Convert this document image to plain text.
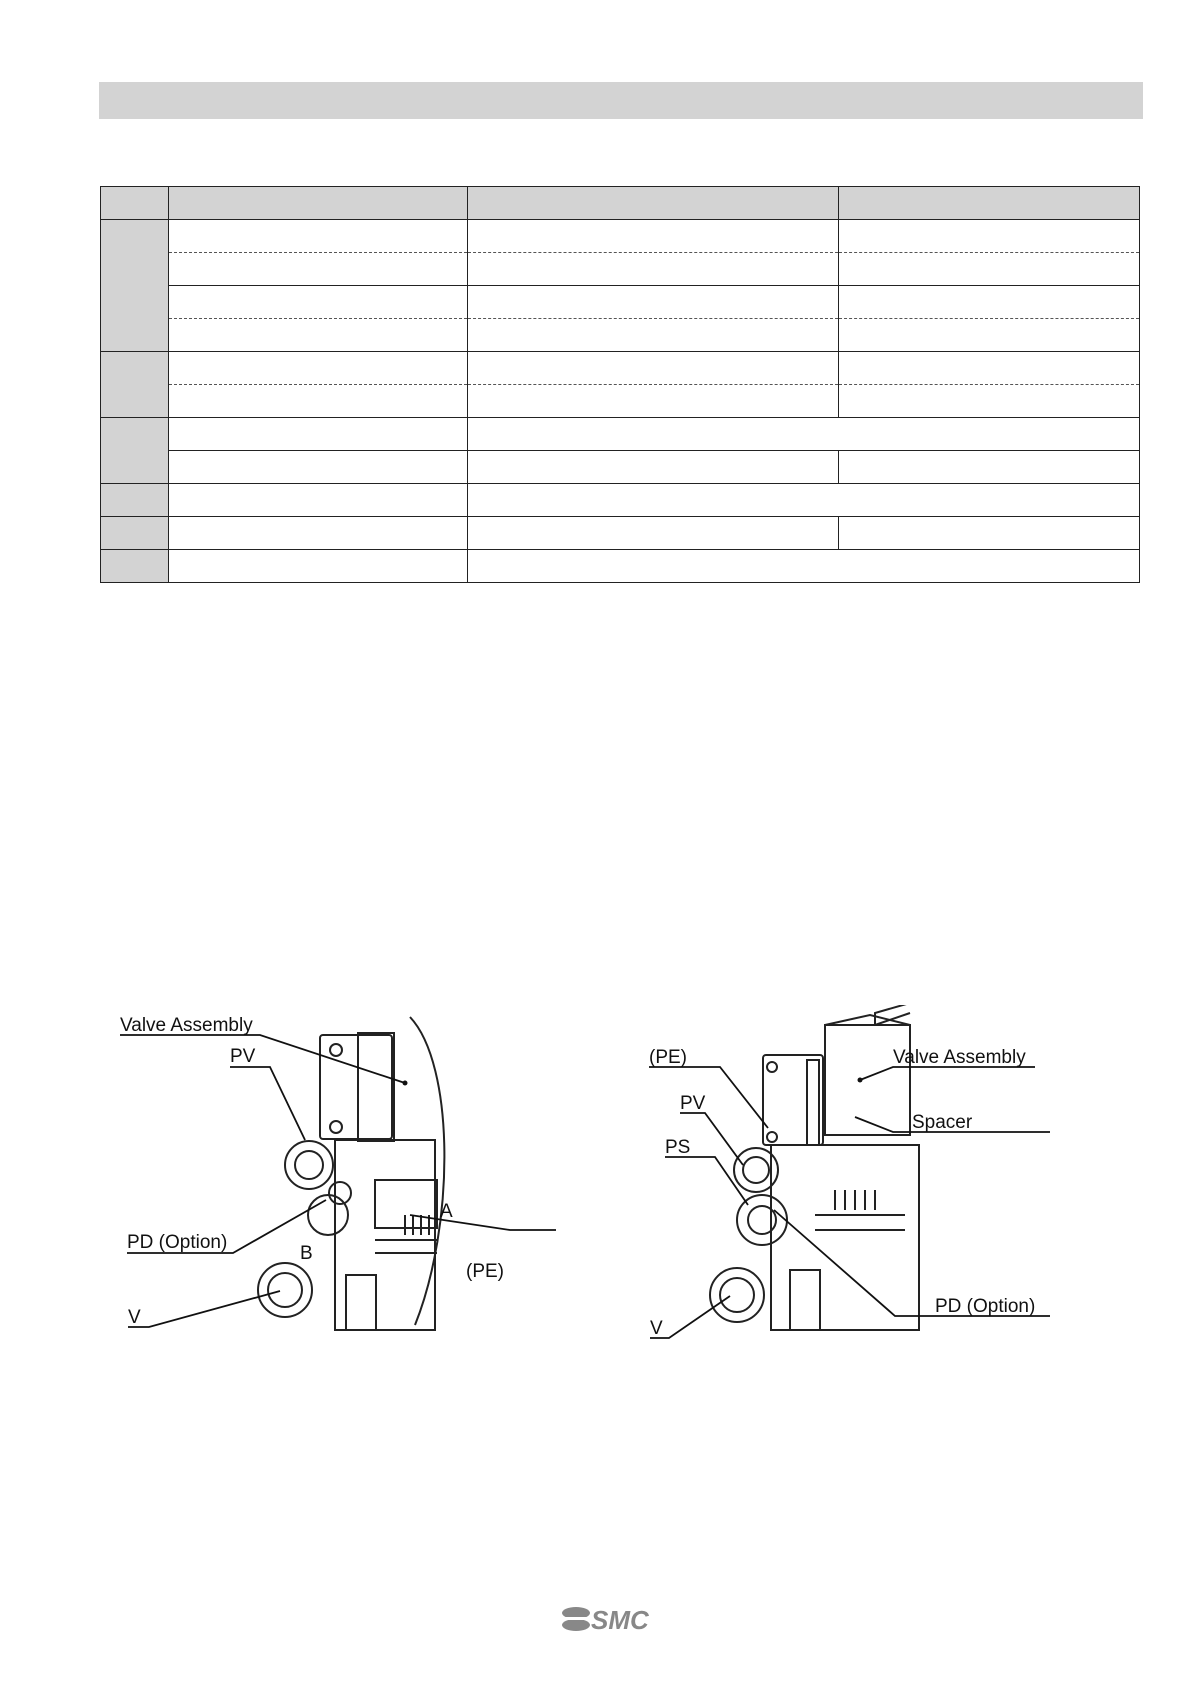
Valve Assembly
PV
PD (Option)
B
A
(PE)
V
(PE)	Valve Assembly
PV
Spacer
PS
PD (Option)
V
SMC
